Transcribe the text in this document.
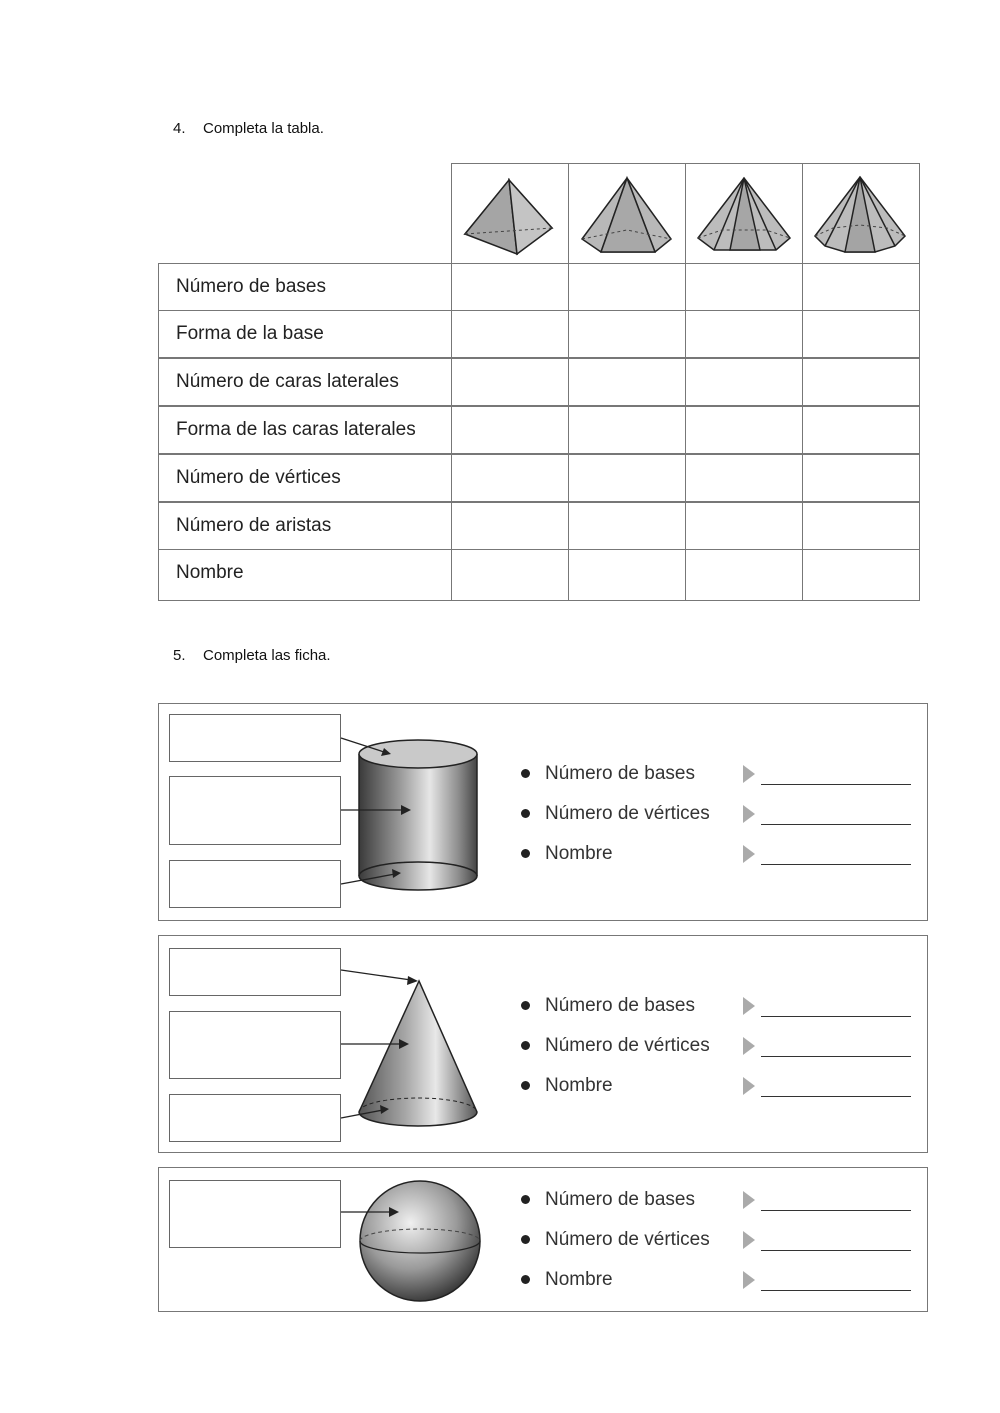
4. Completa la tabla.
Número de bases
Forma de la base
Número de caras laterales
Forma de las caras laterales
Número de vértices
Número de aristas
Nombre
5. Completa las ficha.
Número de bases
Número de vértices
Nombre
Número de bases
Número de vértices
Nombre
Número de bases
Número de vértices
Nombre
